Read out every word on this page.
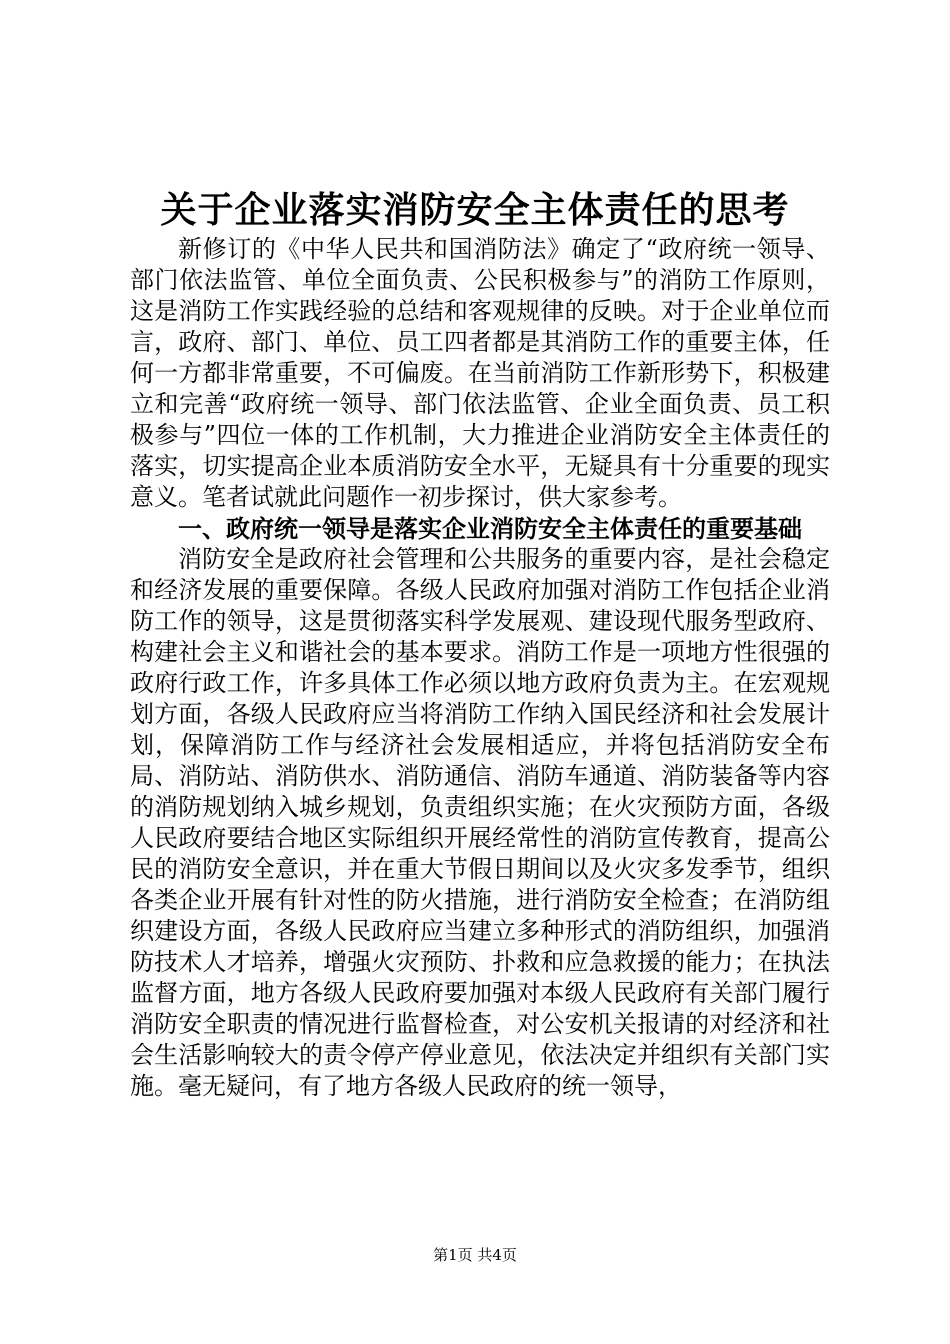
关于企业落实消防安全主体责任的思考

新修订的《中华人民共和国消防法》确定了“政府统一领导、部门依法监管、单位全面负责、公民积极参与”的消防工作原则，这是消防工作实践经验的总结和客观规律的反映。对于企业单位而言，政府、部门、单位、员工四者都是其消防工作的重要主体，任何一方都非常重要，不可偏废。在当前消防工作新形势下，积极建立和完善“政府统一领导、部门依法监管、企业全面负责、员工积极参与”四位一体的工作机制，大力推进企业消防安全主体责任的落实，切实提高企业本质消防安全水平，无疑具有十分重要的现实意义。笔者试就此问题作一初步探讨，供大家参考。

一、政府统一领导是落实企业消防安全主体责任的重要基础

消防安全是政府社会管理和公共服务的重要内容，是社会稳定和经济发展的重要保障。各级人民政府加强对消防工作包括企业消防工作的领导，这是贯彻落实科学发展观、建设现代服务型政府、构建社会主义和谐社会的基本要求。消防工作是一项地方性很强的政府行政工作，许多具体工作必须以地方政府负责为主。在宏观规划方面，各级人民政府应当将消防工作纳入国民经济和社会发展计划，保障消防工作与经济社会发展相适应，并将包括消防安全布局、消防站、消防供水、消防通信、消防车通道、消防装备等内容的消防规划纳入城乡规划，负责组织实施；在火灾预防方面，各级人民政府要结合地区实际组织开展经常性的消防宣传教育，提高公民的消防安全意识，并在重大节假日期间以及火灾多发季节，组织各类企业开展有针对性的防火措施，进行消防安全检查；在消防组织建设方面，各级人民政府应当建立多种形式的消防组织，加强消防技术人才培养，增强火灾预防、扑救和应急救援的能力；在执法监督方面，地方各级人民政府要加强对本级人民政府有关部门履行消防安全职责的情况进行监督检查，对公安机关报请的对经济和社会生活影响较大的责令停产停业意见，依法决定并组织有关部门实施。毫无疑问，有了地方各级人民政府的统一领导，

第1页 共4页
